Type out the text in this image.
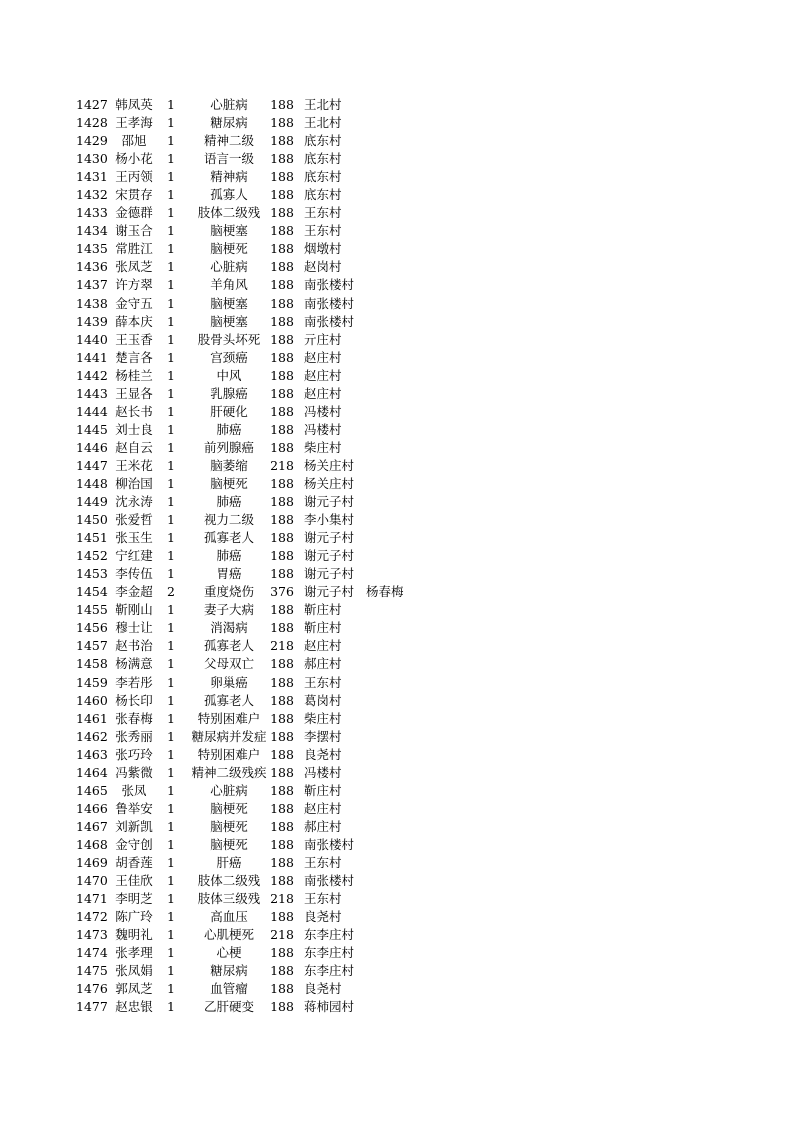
1427 韩凤英	1	心脏病	188 王北村
1428 王孝海	1	糖尿病	188 王北村
1429	邵旭	1	精神二级	188 底东村
1430 杨小花	1	语言一级	188 底东村
1431 王丙领	1	精神病	188 底东村
1432 宋贯存	1	孤寡人	188 底东村
1433 金德群	1	肢体二级残 188 王东村
1434 谢玉合	1	脑梗塞	188 王东村
1435 常胜江	1	脑梗死	188 烟墩村
1436 张凤芝	1	心脏病	188 赵岗村
1437 许方翠	1	羊角风	188 南张楼村
1438 金守五	1	脑梗塞	188 南张楼村
1439 薛本庆	1	脑梗塞	188 南张楼村
1440 王玉香	1	股骨头坏死 188 亓庄村
1441 楚言各	1	宫颈癌	188 赵庄村
1442 杨桂兰	1	中风	188 赵庄村
1443 王显各	1	乳腺癌	188 赵庄村
1444 赵长书	1	肝硬化	188 冯楼村
1445 刘士良	1	肺癌	188 冯楼村
1446 赵自云	1	前列腺癌	188 柴庄村
1447 王米花	1	脑萎缩	218 杨关庄村
1448 柳治国	1	脑梗死	188 杨关庄村
1449 沈永涛	1	肺癌	188 谢元子村
1450 张爱哲	1	视力二级	188 李小集村
1451 张玉生	1	孤寡老人	188 谢元子村
1452 宁红建	1	肺癌	188 谢元子村
1453 李传伍	1	胃癌	188 谢元子村
1454 李金超	2	重度烧伤	376 谢元子村 杨春梅
1455 靳刚山	1	妻子大病	188 靳庄村
1456 穆士让	1	消渴病	188 靳庄村
1457 赵书治	1	孤寡老人	218 赵庄村
1458 杨满意	1	父母双亡	188 郝庄村
1459 李若彤	1	卵巢癌	188 王东村
1460 杨长印	1	孤寡老人	188 葛岗村
1461 张春梅	1	特别困难户 188 柴庄村
1462 张秀丽	1	糖尿病并发症 188 李摆村
1463 张巧玲	1	特别困难户 188 良尧村
1464 冯紫微	1	精神二级残疾 188 冯楼村
1465	张凤	1	心脏病	188 靳庄村
1466 鲁举安	1	脑梗死	188 赵庄村
1467 刘新凯	1	脑梗死	188 郝庄村
1468 金守创	1	脑梗死	188 南张楼村
1469 胡香莲	1	肝癌	188 王东村
1470 王佳欣	1	肢体二级残 188 南张楼村
1471 李明芝	1	肢体三级残 218 王东村
1472 陈广玲	1	高血压	188 良尧村
1473 魏明礼	1	心肌梗死	218 东李庄村
1474 张孝理	1	心梗	188 东李庄村
1475 张凤娟	1	糖尿病	188 东李庄村
1476 郭凤芝	1	血管瘤	188 良尧村
1477 赵忠银	1	乙肝硬变	188 蒋柿园村
